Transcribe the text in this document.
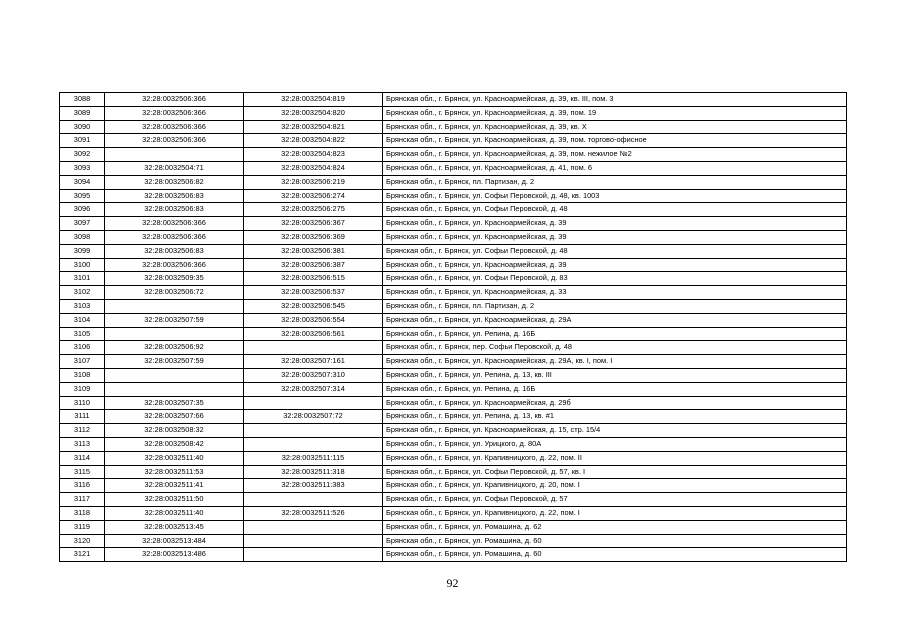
3088	32:28:0032506:366	32:28:0032504:819	Брянская обл., г. Брянск, ул. Красноармейская, д. 39, кв. III, пом. 3
3089	32:28:0032506:366	32:28:0032504:820	Брянская обл., г. Брянск, ул. Красноармейская, д. 39, пом. 19
3090	32:28:0032506:366	32:28:0032504:821	Брянская обл., г. Брянск, ул. Красноармейская, д. 39, кв. X
3091	32:28:0032506:366	32:28:0032504:822	Брянская обл., г. Брянск, ул. Красноармейская, д. 39, пом. торгово-офисное
3092		32:28:0032504:823	Брянская обл., г. Брянск, ул. Красноармейская, д. 39, пом. нежилое №2
3093	32:28:0032504:71	32:28:0032504:824	Брянская обл., г. Брянск, ул. Красноармейская, д. 41, пом. 6
3094	32:28:0032506:82	32:28:0032506:219	Брянская обл., г. Брянск, пл. Партизан, д. 2
3095	32:28:0032506:83	32:28:0032506:274	Брянская обл., г. Брянск, ул. Софьи Перовской, д. 48, кв. 1003
3096	32:28:0032506:83	32:28:0032506:275	Брянская обл., г. Брянск, ул. Софьи Перовской, д. 48
3097	32:28:0032506:366	32:28:0032506:367	Брянская обл., г. Брянск, ул. Красноармейская, д. 39
3098	32:28:0032506:366	32:28:0032506:369	Брянская обл., г. Брянск, ул. Красноармейская, д. 39
3099	32:28:0032506:83	32:28:0032506:381	Брянская обл., г. Брянск, ул. Софьи Перовской, д. 48
3100	32:28:0032506:366	32:28:0032506:387	Брянская обл., г. Брянск, ул. Красноармейская, д. 39
3101	32:28:0032509:35	32:28:0032506:515	Брянская обл., г. Брянск, ул. Софьи Перовской, д. 83
3102	32:28:0032506:72	32:28:0032506:537	Брянская обл., г. Брянск, ул. Красноармейская, д. 33
3103		32:28:0032506:545	Брянская обл., г. Брянск, пл. Партизан, д. 2
3104	32:28:0032507:59	32:28:0032506:554	Брянская обл., г. Брянск, ул. Красноармейская, д. 29А
3105		32:28:0032506:561	Брянская обл., г. Брянск, ул. Репина, д. 16Б
3106	32:28:0032506:92		Брянская обл., г. Брянск, пер. Софьи Перовской, д. 48
3107	32:28:0032507:59	32:28:0032507:161	Брянская обл., г. Брянск, ул. Красноармейская, д. 29А, кв. I, пом. I
3108		32:28:0032507:310	Брянская обл., г. Брянск, ул. Репина, д. 13, кв. III
3109		32:28:0032507:314	Брянская обл., г. Брянск, ул. Репина, д. 16Б
3110	32:28:0032507:35		Брянская обл., г. Брянск, ул. Красноармейская, д. 29б
3111	32:28:0032507:66	32:28:0032507:72	Брянская обл., г. Брянск, ул. Репина, д. 13, кв. #1
3112	32:28:0032508:32		Брянская обл., г. Брянск, ул. Красноармейская, д. 15, стр. 15/4
3113	32:28:0032508:42		Брянская обл., г. Брянск, ул. Урицкого, д. 80А
3114	32:28:0032511:40	32:28:0032511:115	Брянская обл., г. Брянск, ул. Крапивницкого, д. 22, пом. II
3115	32:28:0032511:53	32:28:0032511:318	Брянская обл., г. Брянск, ул. Софьи Перовской, д. 57, кв. I
3116	32:28:0032511:41	32:28:0032511:383	Брянская обл., г. Брянск, ул. Крапивницкого, д. 20, пом. I
3117	32:28:0032511:50		Брянская обл., г. Брянск, ул. Софьи Перовской, д. 57
3118	32:28:0032511:40	32:28:0032511:526	Брянская обл., г. Брянск, ул. Крапивницкого, д. 22, пом. I
3119	32:28:0032513:45		Брянская обл., г. Брянск, ул. Ромашина, д. 62
3120	32:28:0032513:484		Брянская обл., г. Брянск, ул. Ромашина, д. 60
3121	32:28:0032513:486		Брянская обл., г. Брянск, ул. Ромашина, д. 60
92
